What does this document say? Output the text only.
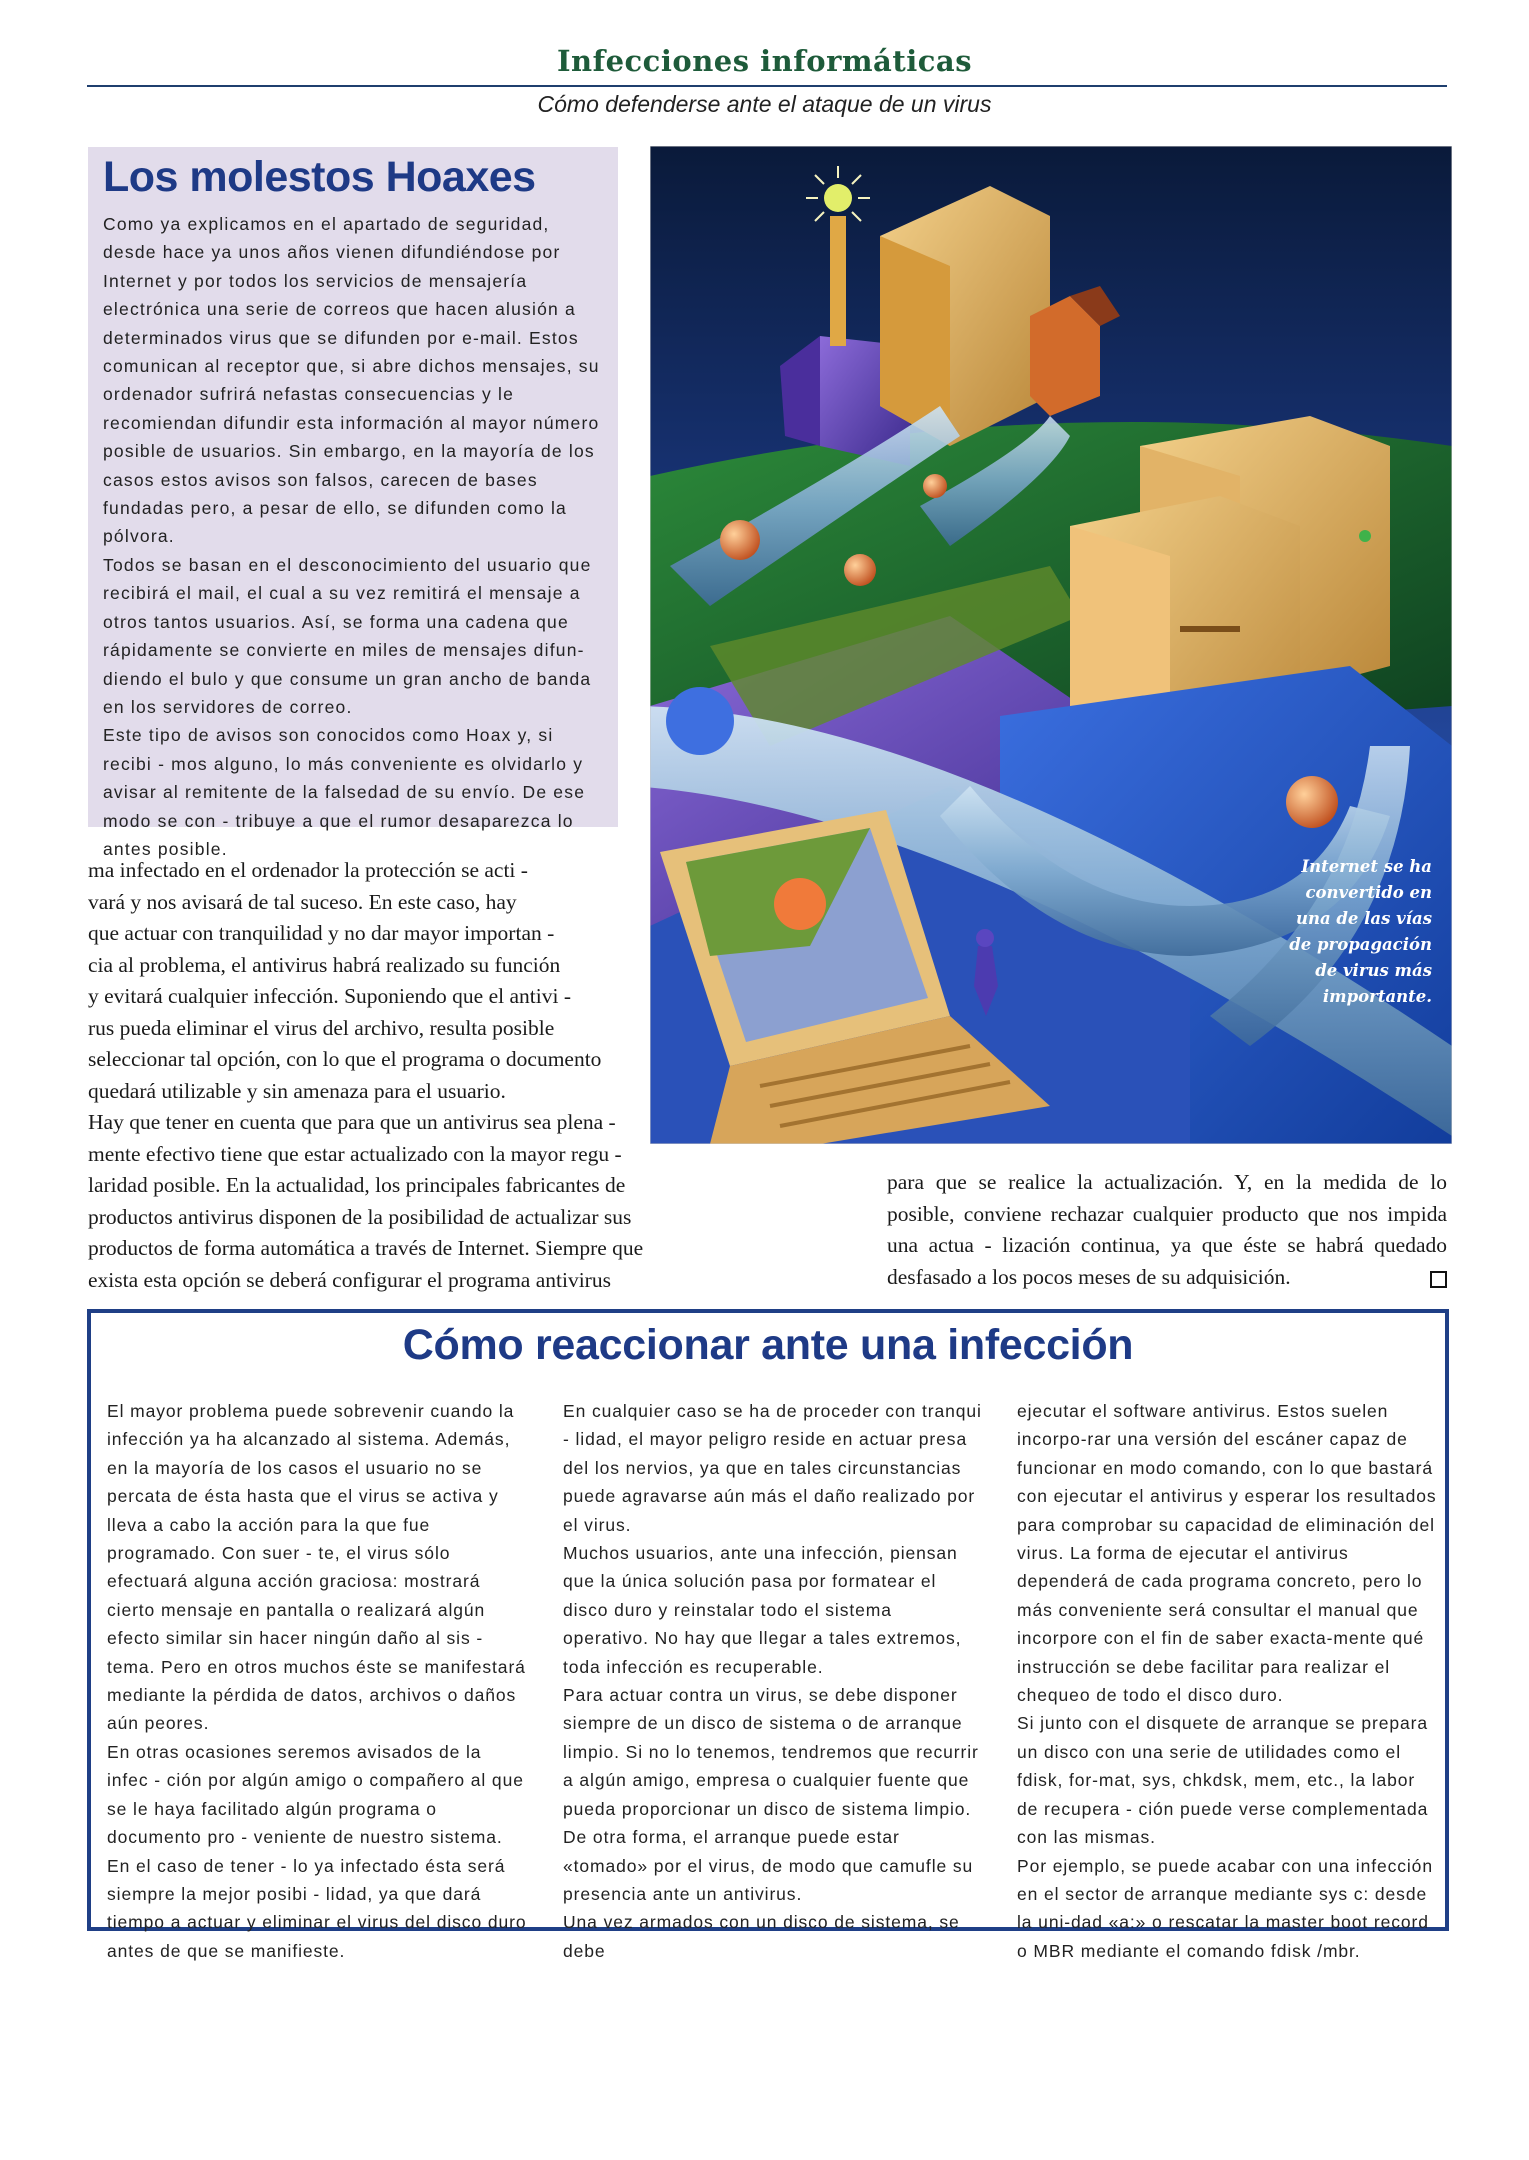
Infecciones informáticas
Cómo defenderse ante el ataque de un virus
Los molestos Hoaxes

Como ya explicamos en el apartado de seguridad, desde hace ya unos años vienen difundiéndose por Internet y por todos los servicios de mensajería electrónica una serie de correos que hacen alusión a determinados virus que se difunden por e-mail. Estos comunican al receptor que, si abre dichos mensajes, su ordenador sufrirá nefastas consecuencias y le recomiendan difundir esta información al mayor número posible de usuarios. Sin embargo, en la mayoría de los casos estos avisos son falsos, carecen de bases fundadas pero, a pesar de ello, se difunden como la pólvora.

Todos se basan en el desconocimiento del usuario que recibirá el mail, el cual a su vez remitirá el mensaje a otros tantos usuarios. Así, se forma una cadena que rápidamente se convierte en miles de mensajes difun-diendo el bulo y que consume un gran ancho de banda en los servidores de correo.

Este tipo de avisos son conocidos como Hoax y, si recibi - mos alguno, lo más conveniente es olvidarlo y avisar al remitente de la falsedad de su envío. De ese modo se con - tribuye a que el rumor desaparezca lo antes posible.

Internet se ha convertido en una de las vías de propagación de virus más importante.

ma infectado en el ordenador la protección se acti -

vará y nos avisará de tal suceso. En este caso, hay

que actuar con tranquilidad y no dar mayor importan -

cia al problema, el antivirus habrá realizado su función

y evitará cualquier infección. Suponiendo que el antivi -

rus pueda eliminar el virus del archivo, resulta posible

seleccionar tal opción, con lo que el programa o documento

quedará utilizable y sin amenaza para el usuario.

Hay que tener en cuenta que para que un antivirus sea plena -

mente efectivo tiene que estar actualizado con la mayor regu -

laridad posible. En la actualidad, los principales fabricantes de

productos antivirus disponen de la posibilidad de actualizar sus

productos de forma automática a través de Internet. Siempre que

exista esta opción se deberá configurar el programa antivirus

para que se realice la actualización. Y, en la medida de lo posible, conviene rechazar cualquier producto que nos impida una actua - lización continua, ya que éste se habrá quedado desfasado a los pocos meses de su adquisición.

Cómo reaccionar ante una infección

El mayor problema puede sobrevenir cuando la infección ya ha alcanzado al sistema. Además, en la mayoría de los casos el usuario no se percata de ésta hasta que el virus se activa y lleva a cabo la acción para la que fue programado. Con suer - te, el virus sólo efectuará alguna acción graciosa: mostrará cierto mensaje en pantalla o realizará algún efecto similar sin hacer ningún daño al sis - tema. Pero en otros muchos éste se manifestará mediante la pérdida de datos, archivos o daños aún peores.

En otras ocasiones seremos avisados de la infec - ción por algún amigo o compañero al que se le haya facilitado algún programa o documento pro - veniente de nuestro sistema. En el caso de tener - lo ya infectado ésta será siempre la mejor posibi - lidad, ya que dará tiempo a actuar y eliminar el virus del disco duro antes de que se manifieste.

En cualquier caso se ha de proceder con tranqui - lidad, el mayor peligro reside en actuar presa del los nervios, ya que en tales circunstancias puede agravarse aún más el daño realizado por el virus.

Muchos usuarios, ante una infección, piensan que la única solución pasa por formatear el disco duro y reinstalar todo el sistema operativo. No hay que llegar a tales extremos, toda infección es recuperable.

Para actuar contra un virus, se debe disponer siempre de un disco de sistema o de arranque limpio. Si no lo tenemos, tendremos que recurrir a algún amigo, empresa o cualquier fuente que pueda proporcionar un disco de sistema limpio.

De otra forma, el arranque puede estar «tomado» por el virus, de modo que camufle su presencia ante un antivirus.

Una vez armados con un disco de sistema, se debe

ejecutar el software antivirus. Estos suelen incorpo-rar una versión del escáner capaz de funcionar en modo comando, con lo que bastará con ejecutar el antivirus y esperar los resultados para comprobar su capacidad de eliminación del virus. La forma de ejecutar el antivirus dependerá de cada programa concreto, pero lo más conveniente será consultar el manual que incorpore con el fin de saber exacta-mente qué instrucción se debe facilitar para realizar el chequeo de todo el disco duro.

Si junto con el disquete de arranque se prepara un disco con una serie de utilidades como el fdisk, for-mat, sys, chkdsk, mem, etc., la labor de recupera - ción puede verse complementada con las mismas.

Por ejemplo, se puede acabar con una infección en el sector de arranque mediante sys c: desde la uni-dad «a:» o rescatar la master boot record o MBR mediante el comando fdisk /mbr.
